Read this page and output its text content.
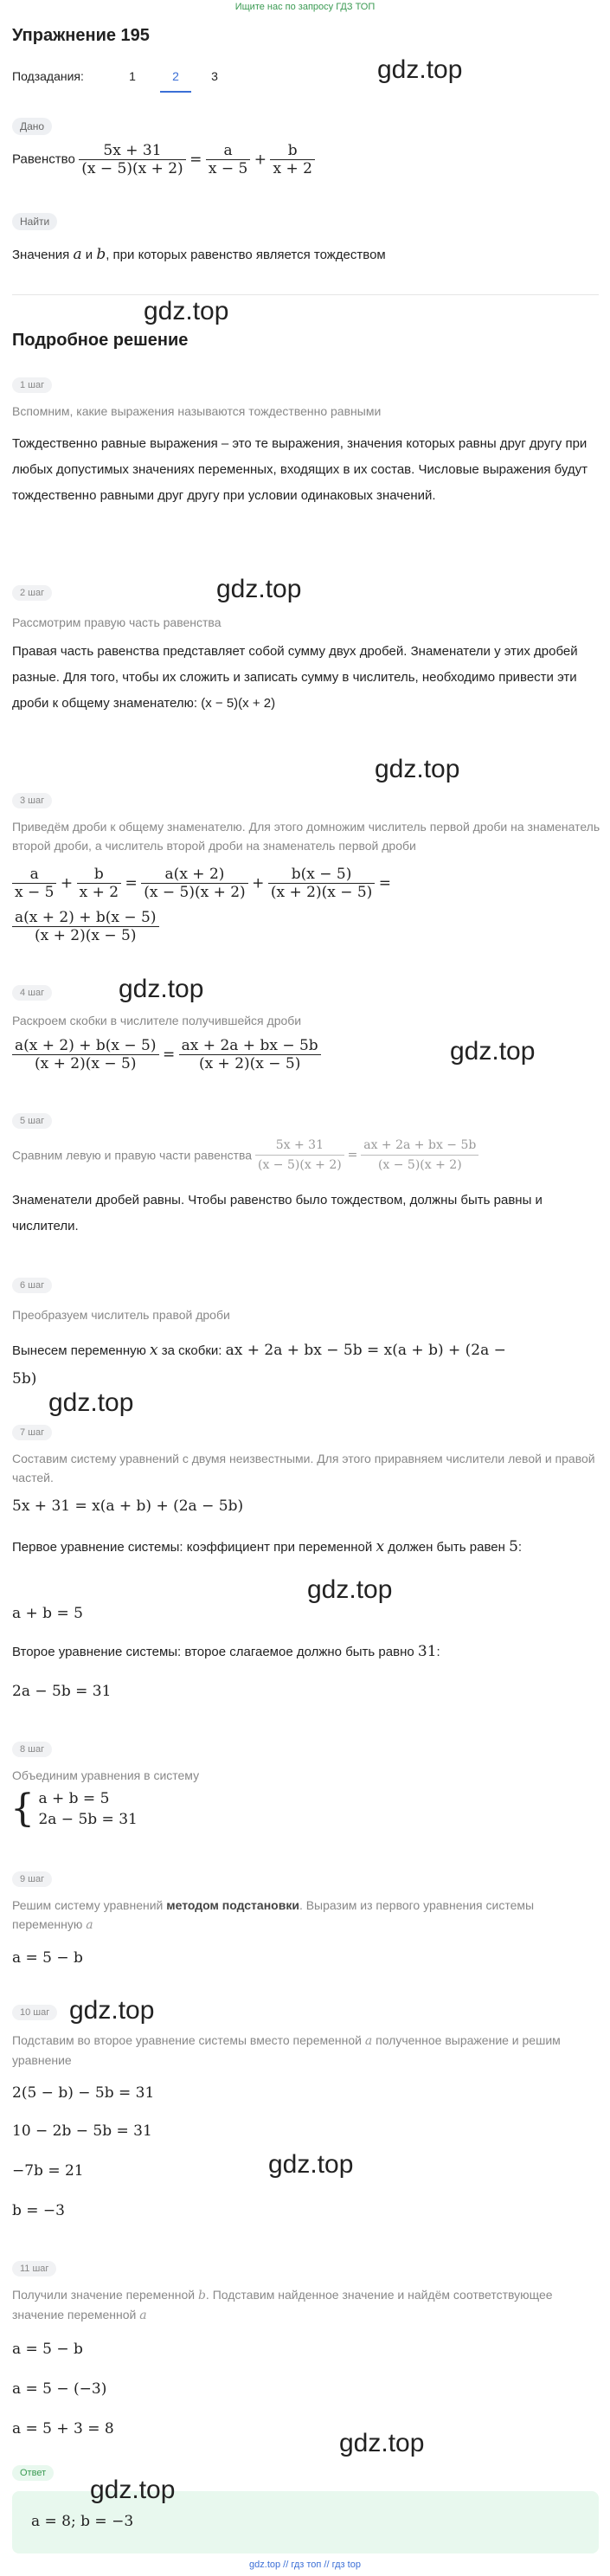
Ищите нас по запросу ГДЗ ТОП
Упражнение 195
Подзадания:	1	2	3	gdz.top
Дано
Равенство $\frac{5x + 31}{(x - 5)(x + 2)} = \frac{a}{x - 5} + \frac{b}{x + 2}$
Найти
Значения a и b, при которых равенство является тождеством
gdz.top
Подробное решение
1 шаг
Вспомним, какие выражения называются тождественно равными
Тождественно равные выражения – это те выражения, значения которых равны друг другу при любых допустимых значениях переменных, входящих в их состав. Числовые выражения будут тождественно равными друг другу при условии одинаковых значений.
2 шаг	gdz.top
Рассмотрим правую часть равенства
Правая часть равенства представляет собой сумму двух дробей. Знаменатели у этих дробей разные. Для того, чтобы их сложить и записать сумму в числитель, необходимо привести эти дроби к общему знаменателю: (x − 5)(x + 2)
gdz.top
3 шаг
Приведём дроби к общему знаменателю. Для этого домножим числитель первой дроби на знаменатель второй дроби, а числитель второй дроби на знаменатель первой дроби
$\frac{a}{x - 5} + \frac{b}{x + 2} = \frac{a(x + 2)}{(x - 5)(x + 2)} + \frac{b(x - 5)}{(x + 2)(x - 5)}$ =
$\frac{a(x + 2) + b(x - 5)}{(x + 2)(x - 5)}$
4 шаг	gdz.top
Раскроем скобки в числителе получившейся дроби
gdz.top
$\frac{a(x + 2) + b(x - 5)}{(x + 2)(x - 5)} = \frac{ax + 2a + bx - 5b}{(x + 2)(x - 5)}$
5 шаг
Сравним левую и правую части равенства $\frac{5x + 31}{(x - 5)(x + 2)} = \frac{ax + 2a + bx - 5b}{(x - 5)(x + 2)}$
Знаменатели дробей равны. Чтобы равенство было тождеством, должны быть равны и числители.
6 шаг
Преобразуем числитель правой дроби
Вынесем переменную x за скобки: ax + 2a + bx − 5b = x(a + b) + (2a −
5b)
gdz.top
7 шаг
Составим систему уравнений с двумя неизвестными. Для этого приравняем числители левой и правой частей.
5x + 31 = x(a + b) + (2a − 5b)
Первое уравнение системы: коэффициент при переменной x должен быть равен 5:
gdz.top
a + b = 5
Второе уравнение системы: второе слагаемое должно быть равно 31:
2a − 5b = 31
8 шаг
Объединим уравнения в систему
{ a + b = 5
2a − 5b = 31
9 шаг
Решим систему уравнений методом подстановки. Выразим из первого уравнения системы переменную a
a = 5 − b
10 шаг gdz.top
Подставим во второе уравнение системы вместо переменной a полученное выражение и решим уравнение
2(5 − b) − 5b = 31
10 − 2b − 5b = 31
−7b = 21	gdz.top
b = −3
11 шаг
Получили значение переменной b. Подставим найденное значение и найдём соответствующее значение переменной a
a = 5 − b
a = 5 − (−3)
a = 5 + 3 = 8	gdz.top
Ответ
a = 8; b = −3
gdz.top
gdz.top // гдз топ // гдз top
